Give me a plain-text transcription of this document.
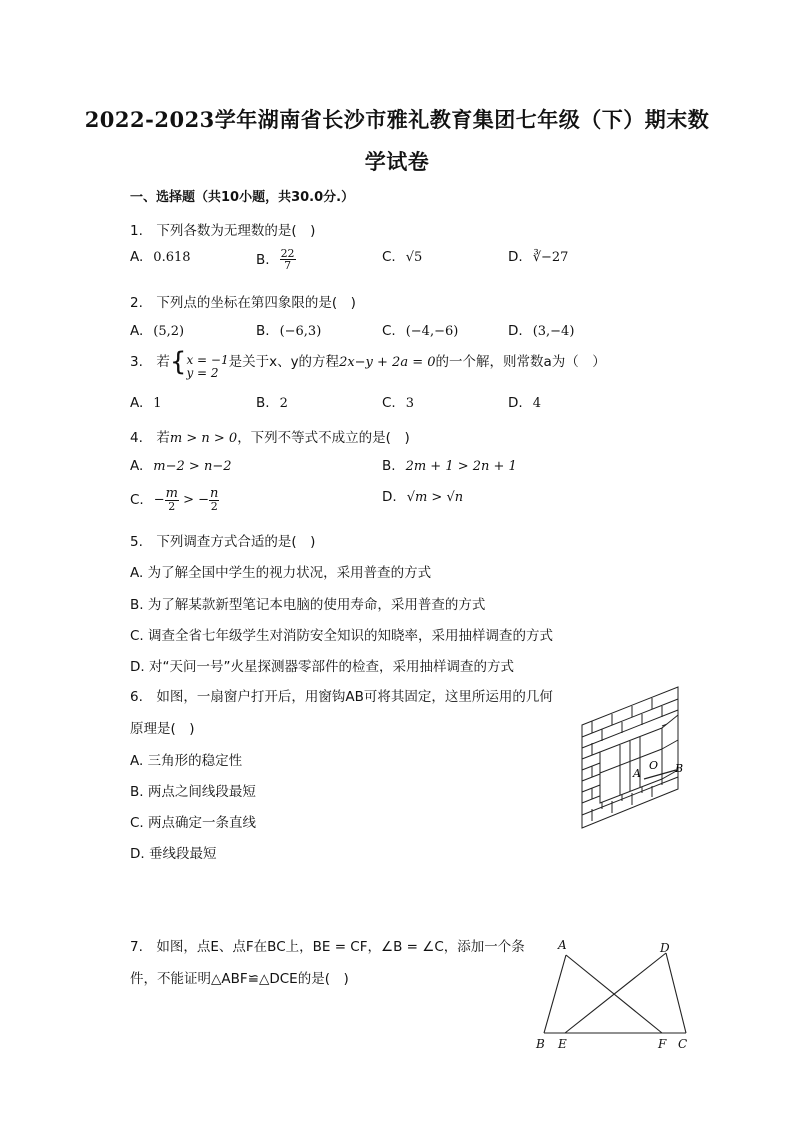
2022-2023学年湖南省长沙市雅礼教育集团七年级（下）期末数
学试卷
一、选择题（共10小题，共30.0分.）
1.　下列各数为无理数的是(　)
A. 0.618	B. $\frac{22}{7}$	C. √5	D. ∛−27
2.　下列点的坐标在第四象限的是(　)
A. (5,2)	B. (−6,3)	C. (−4,−6)	D. (3,−4)
3.　若{ x = −1
y = 2
是关于x、y的方程2x−y + 2a = 0的一个解，则常数a为（　）
A. 1	B. 2	C. 3	D. 4
4.　若m > n > 0，下列不等式不成立的是(　)
A. m−2 > n−2	B. 2m + 1 > 2n + 1
C. − $\frac{m}{2}$ > − $\frac{n}{2}$	D. √m > √n
5.　下列调查方式合适的是(　)
A. 为了解全国中学生的视力状况，采用普查的方式
B. 为了解某款新型笔记本电脑的使用寿命，采用普查的方式
C. 调查全省七年级学生对消防安全知识的知晓率，采用抽样调查的方式
D. 对“天问一号”火星探测器零部件的检查，采用抽样调查的方式
6.　如图，一扇窗户打开后，用窗钩AB可将其固定，这里所运用的几何
原理是(　)
A. 三角形的稳定性
B. 两点之间线段最短
C. 两点确定一条直线
D. 垂线段最短
A
O B
7.　如图，点E、点F在BC上，BE = CF，∠B = ∠C，添加一个条
件，不能证明△ABF≌△DCE的是(　)
A	D
B E	F C
